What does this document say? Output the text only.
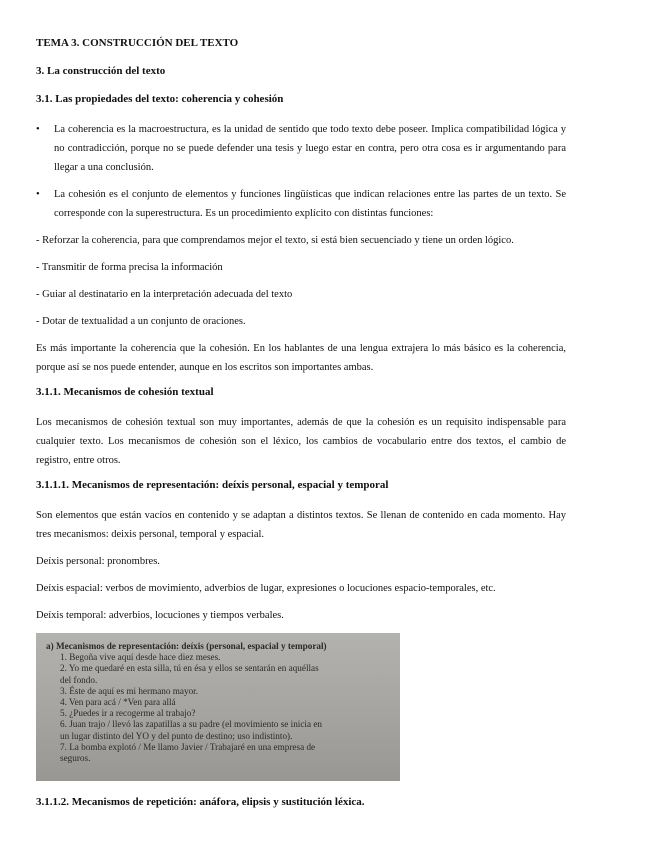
TEMA 3. CONSTRUCCIÓN DEL TEXTO
3. La construcción del texto
3.1. Las propiedades del texto: coherencia y cohesión
• La coherencia es la macroestructura, es la unidad de sentido que todo texto debe poseer. Implica compatibilidad lógica y no contradicción, porque no se puede defender una tesis y luego estar en contra, pero otra cosa es ir argumentando para llegar a una conclusión.
• La cohesión es el conjunto de elementos y funciones lingüísticas que indican relaciones entre las partes de un texto. Se corresponde con la superestructura. Es un procedimiento explícito con distintas funciones:

- Reforzar la coherencia, para que comprendamos mejor el texto, si está bien secuenciado y tiene un orden lógico.

- Transmitir de forma precisa la información

- Guiar al destinatario en la interpretación adecuada del texto

- Dotar de textualidad a un conjunto de oraciones.

Es más importante la coherencia que la cohesión. En los hablantes de una lengua extrajera lo más básico es la coherencia, porque así se nos puede entender, aunque en los escritos son importantes ambas.

3.1.1. Mecanismos de cohesión textual

Los mecanismos de cohesión textual son muy importantes, además de que la cohesión es un requisito indispensable para cualquier texto. Los mecanismos de cohesión son el léxico, los cambios de vocabulario entre dos textos, el cambio de registro, entre otros.

3.1.1.1. Mecanismos de representación: deíxis personal, espacial y temporal

Son elementos que están vacíos en contenido y se adaptan a distintos textos. Se llenan de contenido en cada momento. Hay tres mecanismos: deixis personal, temporal y espacial.

Deíxis personal: pronombres.

Deíxis espacial: verbos de movimiento, adverbios de lugar, expresiones o locuciones espacio-temporales, etc.

Deíxis temporal: adverbios, locuciones y tiempos verbales.

a) Mecanismos de representación: deíxis (personal, espacial y temporal)
1. Begoña vive aquí desde hace diez meses.
2. Yo me quedaré en esta silla, tú en ésa y ellos se sentarán en aquéllas
del fondo.
3. Éste de aquí es mi hermano mayor.
4. Ven para acá / *Ven para allá
5. ¿Puedes ir a recogerme al trabajo?
6. Juan trajo / llevó las zapatillas a su padre (el movimiento se inicia en
un lugar distinto del YO y del punto de destino; uso indistinto).
7. La bomba explotó / Me llamo Javier / Trabajaré en una empresa de
seguros.
3.1.1.2. Mecanismos de repetición: anáfora, elipsis y sustitución léxica.
